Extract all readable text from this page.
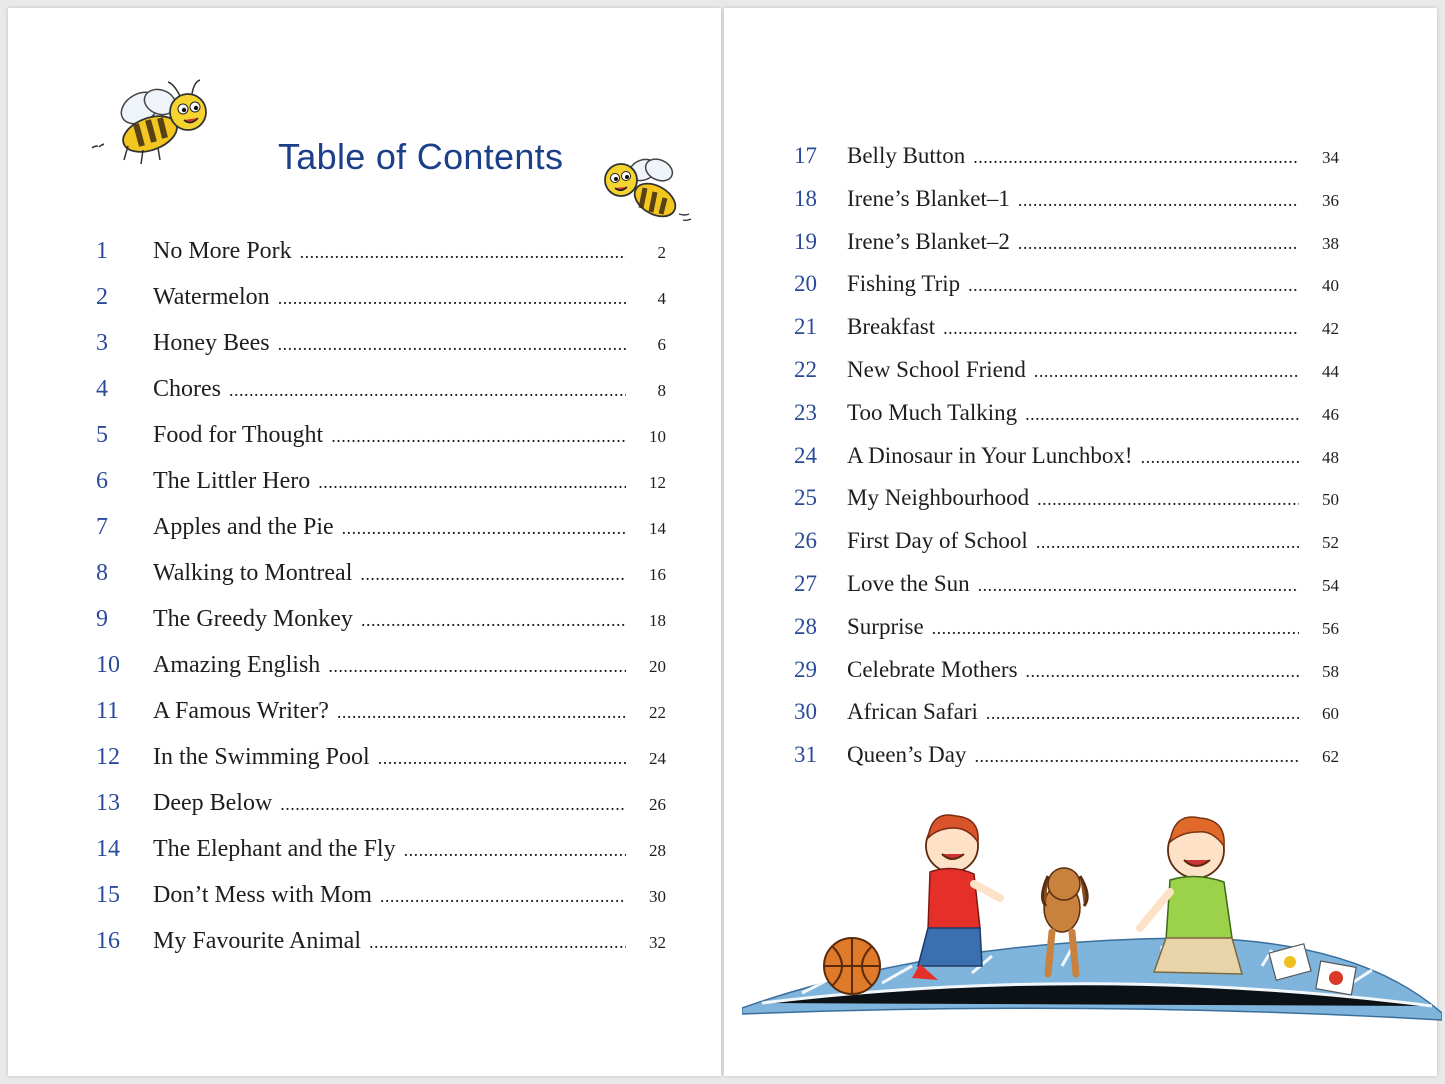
Table of Contents
1	No More Pork .....	2
2	Watermelon .....	4
3	Honey Bees .....	6
4	Chores .....	8
5	Food for Thought .....	10
6	The Littler Hero .....	12
7	Apples and the Pie .....	14
8	Walking to Montreal .....	16
9	The Greedy Monkey .....	18
10	Amazing English .....	20
11	A Famous Writer? .....	22
12	In the Swimming Pool .....	24
13	Deep Below .....	26
14	The Elephant and the Fly .....	28
15	Don’t Mess with Mom .....	30
16	My Favourite Animal .....	32
17	Belly Button .....	34
18	Irene’s Blanket–1 .....	36
19	Irene’s Blanket–2 .....	38
20	Fishing Trip .....	40
21	Breakfast .....	42
22	New School Friend .....	44
23	Too Much Talking .....	46
24	A Dinosaur in Your Lunchbox! .....	48
25	My Neighbourhood .....	50
26	First Day of School .....	52
27	Love the Sun .....	54
28	Surprise .....	56
29	Celebrate Mothers .....	58
30	African Safari .....	60
31	Queen’s Day .....	62
